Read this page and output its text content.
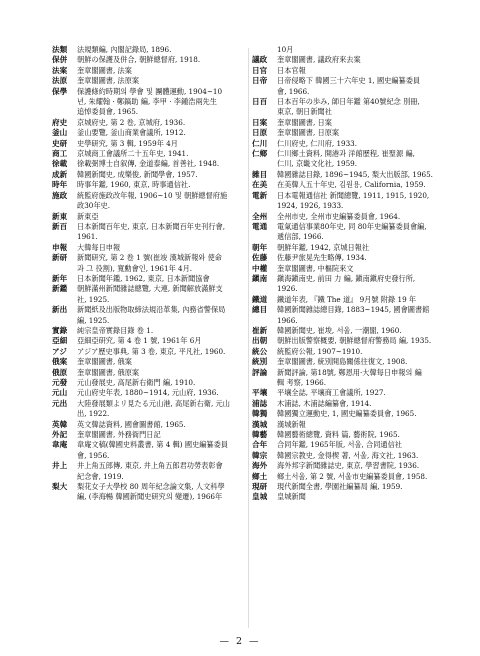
法類	法規類編, 內閣記錄局, 1896.
保併	朝鮮の保護及併合, 朝鮮總督府, 1918.
法案	奎章閣圖書, 法案
法原	奎章閣圖書, 法原案
保學	保護條約時期의 學會 및 團體運動, 1904~10
년, 朱耀翰 · 鄭鎬助 編, 李甲 · 李鍾浩兩先生
追悼委員會, 1965.
府史	京城府史, 第 2 卷, 京城府, 1936.
釜山	釜山要覽, 釜山商業會議所, 1912.
史研	史學研究, 第 3 輯, 1959年 4月
商工	京城商工會議所二十五年史, 1941.
徐載	徐載弼博士自叙傳, 金道泰編, 首善社, 1948.
成新	韓國新聞史, 成樂俊, 新聞學會, 1957.
時年	時事年鑑, 1960, 東京, 時事通信社.
施政	統監府施政改年報, 1906~10 및 朝鮮總督府施
政30年史.
新東	新東亞
新百	日本新聞百年史, 東京, 日本新聞百年史刊行會,
1961.
申報	大韓每日申報
新研	新聞研究, 第 2 卷 1 號(崔竣 漢城新報와 使命
과 그 役割), 寬勳會인, 1961年 4月.
新年	日本新聞年鑑, 1962, 東京, 日本新聞協會
新鑑	朝鮮滿州新聞雜誌總覽, 大連, 新聞解放滿鮮支
社, 1925.
新出	新聞紙及出版物取締法規沿革集, 內務省警保局
編, 1925.
實錄	純宗皇帝實錄目錄 卷 1.
亞細	亞細亞研究, 第 4 卷 1 號, 1961年 6月
アジ	アジア歷史事典, 第 3 卷, 東京, 平凡社, 1960.
俄案	奎章閣圖書, 俄案
俄原	奎章閣圖書, 俄原案
元發	元山發展史, 高尾新右衛門 編, 1910.
元山	元山府史年表, 1880~1914, 元山府, 1936.
元出	大陸發展類よリ見たる元山港, 高尾新右衛, 元山
出, 1922.
英韓	英文韓誌資料, 國會圖書館, 1965.
外記	奎章閣圖書, 外務衙門日記
韋庵	韋庵文稿(韓國史料叢書, 第 4 輯) 國史編纂委員
會, 1956.
井上	井上角五郎傳, 東京, 井上角五郎君功勞表彰會
紀念會, 1919.
梨大	梨花女子大學校 80 周年紀念論文集, 人文科學
編, (李海暢 韓國新聞史研究의 變遷), 1966年
10月
議政	奎章閣圖書, 議政府來去案
日官	日本官報
日帝	日帝侵略下 韓國三十六年史 1, 國史編纂委員
會, 1966.
日百	日本百年の歩み, 師日年鑑 第40號紀念 別冊,
東京, 朝日新聞社
日案	奎章閣圖書, 日案
日原	奎章閣圖書, 日原案
仁川	仁川府史, 仁川府, 1933.
仁鄉	仁川鄉土資料, 開港과 洋館歷程, 崔聖源 編,
仁川, 京畿文化社, 1959.
雜目	韓國雜誌目錄, 1896~1945, 梨大出版部, 1965.
在美	在美韓人五十年史, 김원용, California, 1959.
電新	日本電報通信社 新聞總覽, 1911, 1915, 1920,
1924, 1926, 1933.
全州	全州市史, 全州市史編纂委員會, 1964.
電通	電氣通信事業80年史, 同 80年史編纂委員會編,
遞信部, 1966.
朝年	朝鮮年鑑, 1942, 京城日報社
佐藤	佐藤尹旅晃先生略傳, 1934.
中權	奎章閣圖書, 中樞院來文
鎭南	鎭海鎭南史, 前田 力 編, 鎭南鎭府史發行所,
1926.
鐵道	鐵道年表, 『鐵 The 道』 9月號 附錄 19 年
總目	韓國新聞雜誌總目錄, 1883~1945, 國會圖書館
1966.
崔新	韓國新聞史, 崔埈, 서울, 一潮閣, 1960.
出朝	朝鮮出版警察概要, 朝鮮總督府警務局 編, 1935.
統公	統監府公報, 1907~1910.
統別	奎章閣圖書, 統別開島關係往復文, 1908.
評論	新聞評論, 第18號, 鄭恩用·大韓每日申報의 編
輯 考察, 1966.
平壤	平壤全誌, 平壤商工會議所, 1927.
浦誌	木浦誌, 木浦誌編纂會, 1914.
韓獨	韓國獨立運動史, 1, 國史編纂委員會, 1965.
漢城	漢城新報
韓藝	韓國藝術總覽, 資料 篇, 藝術院, 1965.
合年	合同年鑑, 1965年版, 서울, 合同通信社
韓宗	韓國宗教史, 金得楔 著, 서울, 海文社, 1963.
海外	海外邦字新聞雜誌史, 東京, 學習書院, 1936.
鄉土	鄉土서울, 第 2 號, 서울市史編纂委員會, 1958.
現研	現代新聞全書, 學園社編纂局 編, 1959.
皇城	皇城新聞
— 2 —
